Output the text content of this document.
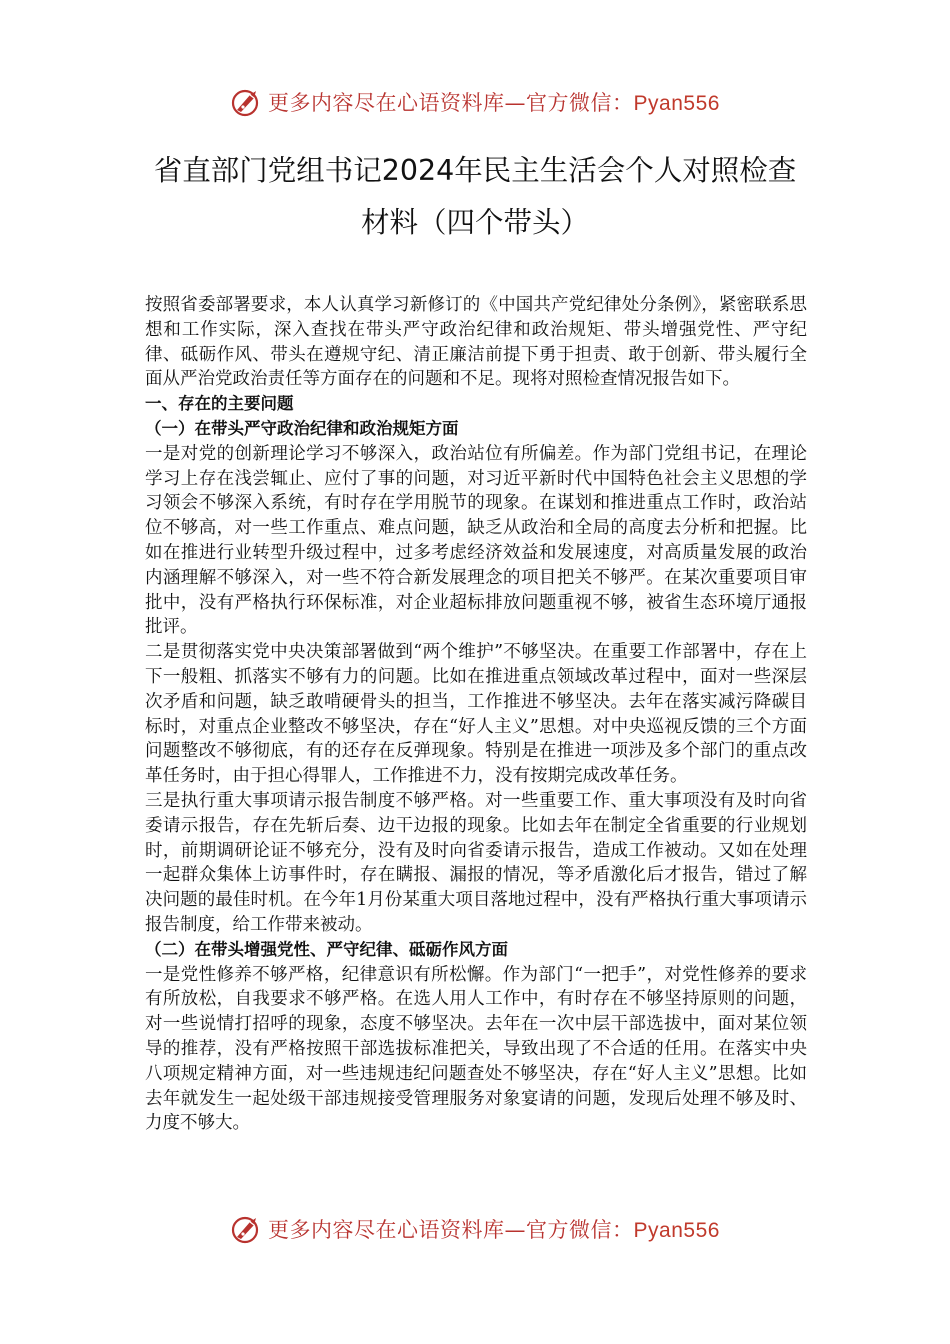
更多内容尽在心语资料库—官方微信：Pyan556
省直部门党组书记2024年民主生活会个人对照检查
材料（四个带头）

按照省委部署要求，本人认真学习新修订的《中国共产党纪律处分条例》，紧密联系思想和工作实际，深入查找在带头严守政治纪律和政治规矩、带头增强党性、严守纪律、砥砺作风、带头在遵规守纪、清正廉洁前提下勇于担责、敢于创新、带头履行全面从严治党政治责任等方面存在的问题和不足。现将对照检查情况报告如下。

一、存在的主要问题

（一）在带头严守政治纪律和政治规矩方面

一是对党的创新理论学习不够深入，政治站位有所偏差。作为部门党组书记，在理论学习上存在浅尝辄止、应付了事的问题，对习近平新时代中国特色社会主义思想的学习领会不够深入系统，有时存在学用脱节的现象。在谋划和推进重点工作时，政治站位不够高，对一些工作重点、难点问题，缺乏从政治和全局的高度去分析和把握。比如在推进行业转型升级过程中，过多考虑经济效益和发展速度，对高质量发展的政治内涵理解不够深入，对一些不符合新发展理念的项目把关不够严。在某次重要项目审批中，没有严格执行环保标准，对企业超标排放问题重视不够，被省生态环境厅通报批评。

二是贯彻落实党中央决策部署做到“两个维护”不够坚决。在重要工作部署中，存在上下一般粗、抓落实不够有力的问题。比如在推进重点领域改革过程中，面对一些深层次矛盾和问题，缺乏敢啃硬骨头的担当，工作推进不够坚决。去年在落实减污降碳目标时，对重点企业整改不够坚决，存在“好人主义”思想。对中央巡视反馈的三个方面问题整改不够彻底，有的还存在反弹现象。特别是在推进一项涉及多个部门的重点改革任务时，由于担心得罪人，工作推进不力，没有按期完成改革任务。

三是执行重大事项请示报告制度不够严格。对一些重要工作、重大事项没有及时向省委请示报告，存在先斩后奏、边干边报的现象。比如去年在制定全省重要的行业规划时，前期调研论证不够充分，没有及时向省委请示报告，造成工作被动。又如在处理一起群众集体上访事件时，存在瞒报、漏报的情况，等矛盾激化后才报告，错过了解决问题的最佳时机。在今年1月份某重大项目落地过程中，没有严格执行重大事项请示报告制度，给工作带来被动。

（二）在带头增强党性、严守纪律、砥砺作风方面

一是党性修养不够严格，纪律意识有所松懈。作为部门“一把手”，对党性修养的要求有所放松，自我要求不够严格。在选人用人工作中，有时存在不够坚持原则的问题，对一些说情打招呼的现象，态度不够坚决。去年在一次中层干部选拔中，面对某位领导的推荐，没有严格按照干部选拔标准把关，导致出现了不合适的任用。在落实中央八项规定精神方面，对一些违规违纪问题查处不够坚决，存在“好人主义”思想。比如去年就发生一起处级干部违规接受管理服务对象宴请的问题，发现后处理不够及时、力度不够大。

更多内容尽在心语资料库—官方微信：Pyan556
